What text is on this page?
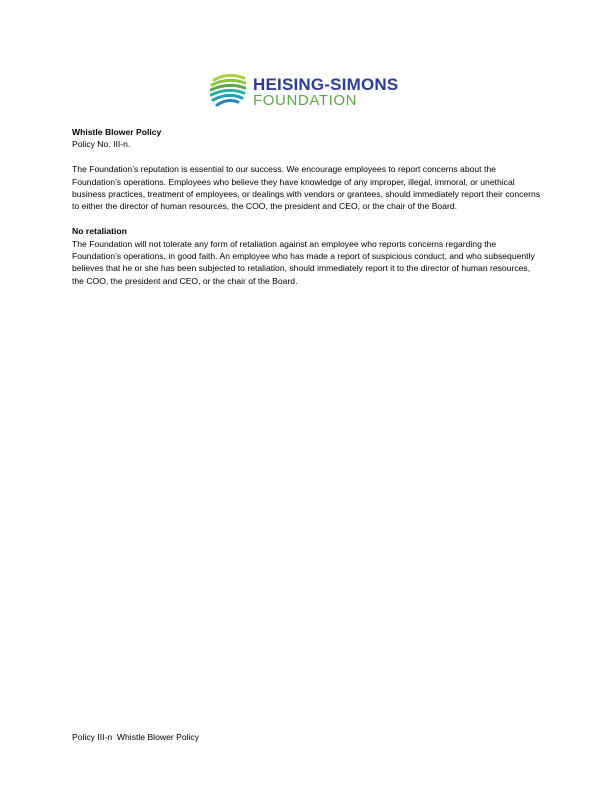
HEISING-SIMONS
FOUNDATION

Whistle Blower Policy

Policy No. III-n.

The Foundation’s reputation is essential to our success. We encourage employees to report concerns about the Foundation’s operations. Employees who believe they have knowledge of any improper, illegal, immoral, or unethical business practices, treatment of employees, or dealings with vendors or grantees, should immediately report their concerns to either the director of human resources, the COO, the president and CEO, or the chair of the Board.

No retaliation

The Foundation will not tolerate any form of retaliation against an employee who reports concerns regarding the Foundation’s operations, in good faith. An employee who has made a report of suspicious conduct, and who subsequently believes that he or she has been subjected to retaliation, should immediately report it to the director of human resources, the COO, the president and CEO, or the chair of the Board.

Policy III-n  Whistle Blower Policy
